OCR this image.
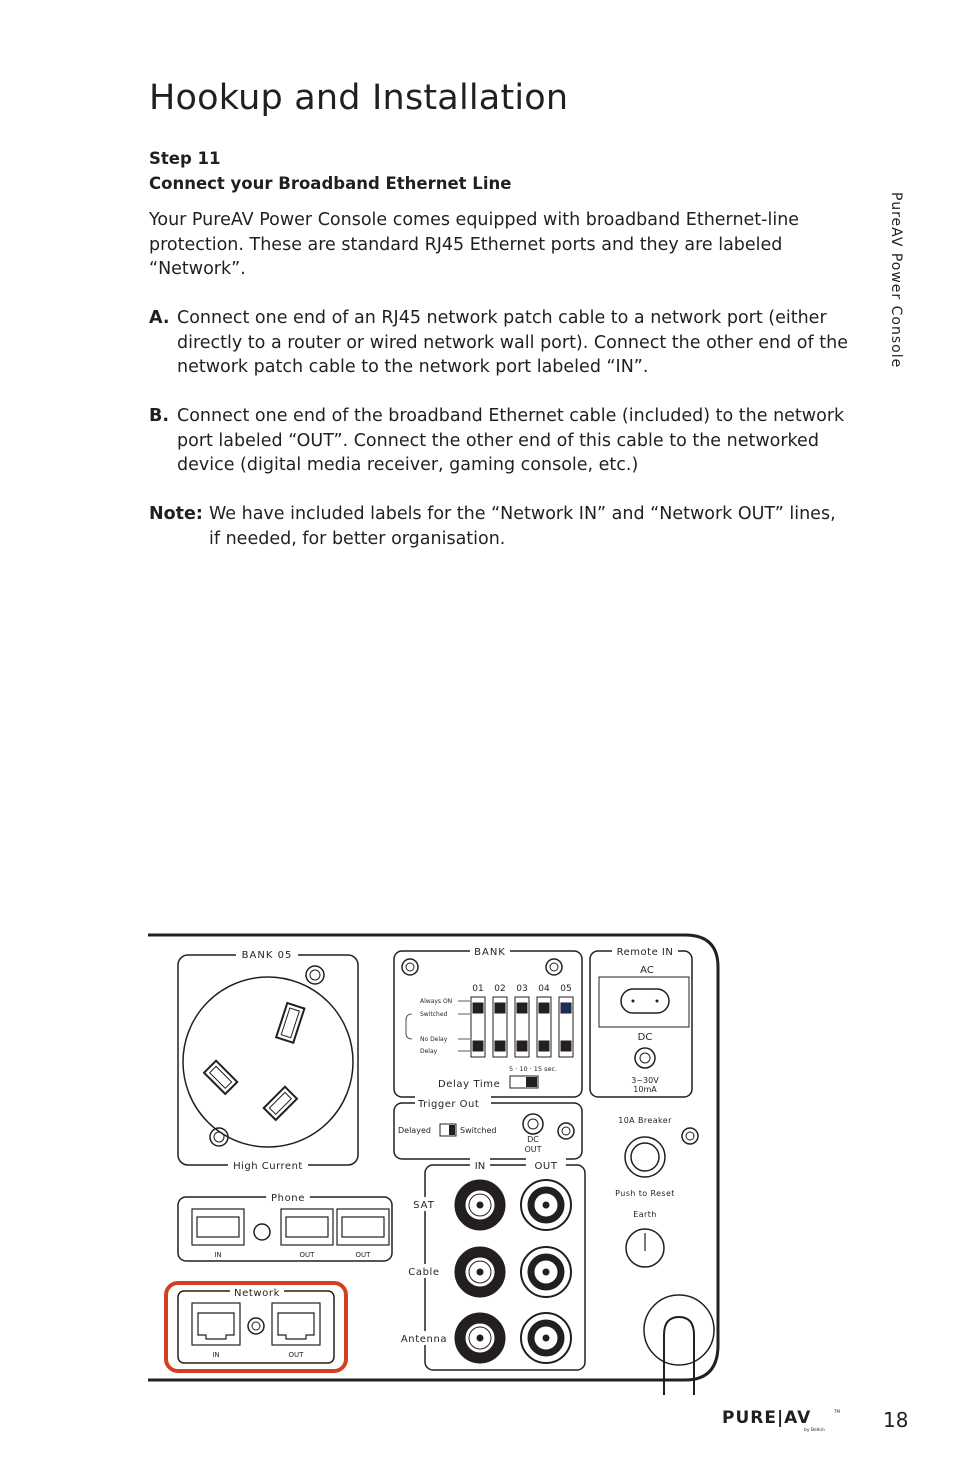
Hookup and Installation
PureAV Power Console

Step 11

Connect your Broadband Ethernet Line

Your PureAV Power Console comes equipped with broadband Ethernet-line protection. These are standard RJ45 Ethernet ports and they are labeled “Network”.

A. Connect one end of an RJ45 network patch cable to a network port (either directly to a router or wired network wall port). Connect the other end of the network patch cable to the network port labeled “IN”.
B. Connect one end of the broadband Ethernet cable (included) to the network port labeled “OUT”. Connect the other end of this cable to the networked device (digital media receiver, gaming console, etc.)
Note: We have included labels for the “Network IN” and “Network OUT” lines, if needed, for better organisation.
BANK 05
High Current
BANK
01 02 03 04 05
Always ON
Switched
No Delay
Delay
5 · 10 · 15 sec.
Delay Time
Remote IN
AC
DC
3~30V
10mA
Trigger Out
Delayed	Switched
DC
OUT
10A Breaker
Push to Reset
Earth
IN	OUT
SAT
Cable
Antenna
Phone
IN	OUT	OUT
Network
IN	OUT
PURE|AV	TM
by Belkin	18
